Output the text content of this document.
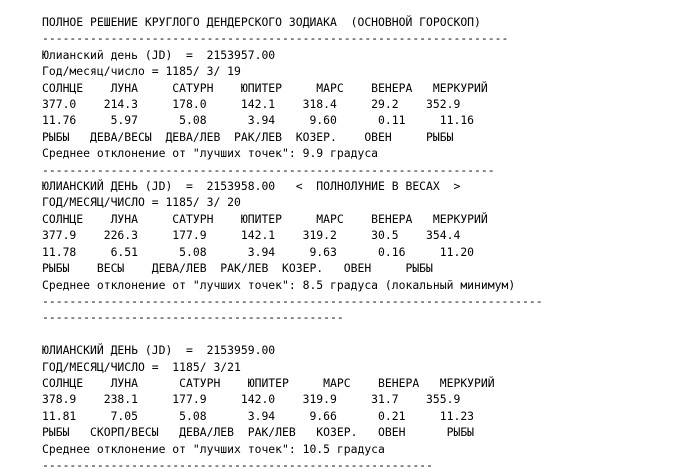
ПОЛНОЕ РЕШЕНИЕ КРУГЛОГО ДЕНДЕРСКОГО ЗОДИАКА  (ОСНОВНОЙ ГОРОСКОП)
--------------------------------------------------------------------
Юлианский день (JD)  =  2153957.00
Год/месяц/число = 1185/ 3/ 19
СОЛНЦЕ    ЛУНА     САТУРН    ЮПИТЕР     МАРС    ВЕНЕРА   МЕРКУРИЙ
377.0    214.3     178.0     142.1    318.4     29.2    352.9
11.76     5.97      5.08      3.94     9.60      0.11     11.16
РЫБЫ   ДЕВА/ВЕСЫ  ДЕВА/ЛЕВ  РАК/ЛЕВ  КОЗЕР.    ОВЕН     РЫБЫ
Среднее отклонение от "лучших точек": 9.9 градуса
------------------------------------------------------------------
ЮЛИАНСКИЙ ДЕНЬ (JD)  =  2153958.00   <  ПОЛНОЛУНИЕ В ВЕСАХ  >
ГОД/МЕСЯЦ/ЧИСЛО = 1185/ 3/ 20
СОЛНЦЕ    ЛУНА     САТУРН    ЮПИТЕР     МАРС    ВЕНЕРА   МЕРКУРИЙ
377.9    226.3     177.9     142.1    319.2     30.5    354.4
11.78     6.51      5.08      3.94     9.63      0.16     11.20
РЫБЫ    ВЕСЫ    ДЕВА/ЛЕВ  РАК/ЛЕВ  КОЗЕР.   ОВЕН     РЫБЫ
Среднее отклонение от "лучших точек": 8.5 градуса (локальный минимум)
-------------------------------------------------------------------------
--------------------------------------------
ЮЛИАНСКИЙ ДЕНЬ (JD)  =  2153959.00
ГОД/МЕСЯЦ/ЧИСЛО =  1185/ 3/21
СОЛНЦЕ    ЛУНА      САТУРН    ЮПИТЕР     МАРС    ВЕНЕРА   МЕРКУРИЙ
378.9    238.1     177.9     142.0    319.9     31.7    355.9
11.81     7.05      5.08      3.94     9.66      0.21     11.23
РЫБЫ   СКОРП/ВЕСЫ   ДЕВА/ЛЕВ  РАК/ЛЕВ   КОЗЕР.   ОВЕН      РЫБЫ
Среднее отклонение от "лучших точек": 10.5 градуса
---------------------------------------------------------
